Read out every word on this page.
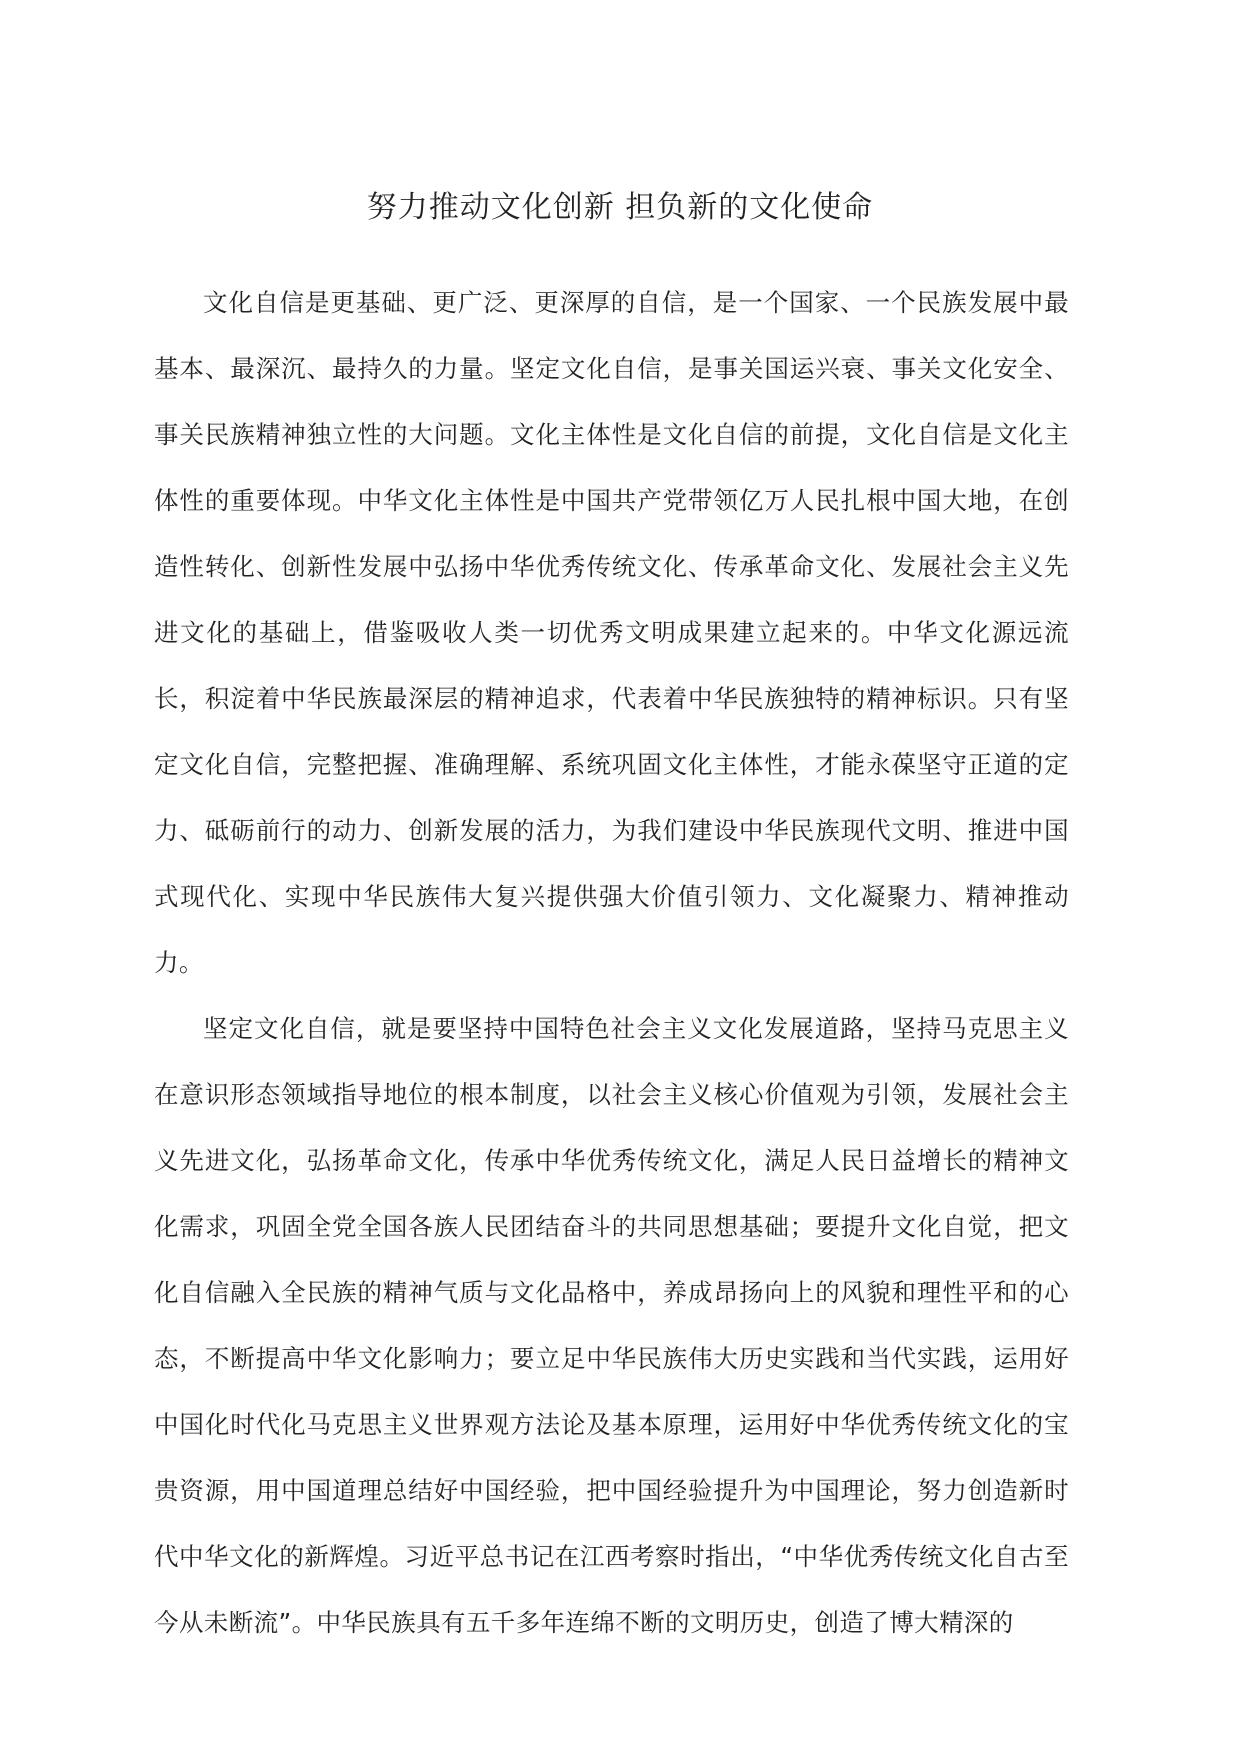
努力推动文化创新 担负新的文化使命

文化自信是更基础、更广泛、更深厚的自信，是一个国家、一个民族发展中最基本、最深沉、最持久的力量。坚定文化自信，是事关国运兴衰、事关文化安全、事关民族精神独立性的大问题。文化主体性是文化自信的前提，文化自信是文化主体性的重要体现。中华文化主体性是中国共产党带领亿万人民扎根中国大地，在创造性转化、创新性发展中弘扬中华优秀传统文化、传承革命文化、发展社会主义先进文化的基础上，借鉴吸收人类一切优秀文明成果建立起来的。中华文化源远流长，积淀着中华民族最深层的精神追求，代表着中华民族独特的精神标识。只有坚定文化自信，完整把握、准确理解、系统巩固文化主体性，才能永葆坚守正道的定力、砥砺前行的动力、创新发展的活力，为我们建设中华民族现代文明、推进中国式现代化、实现中华民族伟大复兴提供强大价值引领力、文化凝聚力、精神推动力。

坚定文化自信，就是要坚持中国特色社会主义文化发展道路，坚持马克思主义在意识形态领域指导地位的根本制度，以社会主义核心价值观为引领，发展社会主义先进文化，弘扬革命文化，传承中华优秀传统文化，满足人民日益增长的精神文化需求，巩固全党全国各族人民团结奋斗的共同思想基础；要提升文化自觉，把文化自信融入全民族的精神气质与文化品格中，养成昂扬向上的风貌和理性平和的心态，不断提高中华文化影响力；要立足中华民族伟大历史实践和当代实践，运用好中国化时代化马克思主义世界观方法论及基本原理，运用好中华优秀传统文化的宝贵资源，用中国道理总结好中国经验，把中国经验提升为中国理论，努力创造新时代中华文化的新辉煌。习近平总书记在江西考察时指出，“中华优秀传统文化自古至今从未断流”。中华民族具有五千多年连绵不断的文明历史，创造了博大精深的
